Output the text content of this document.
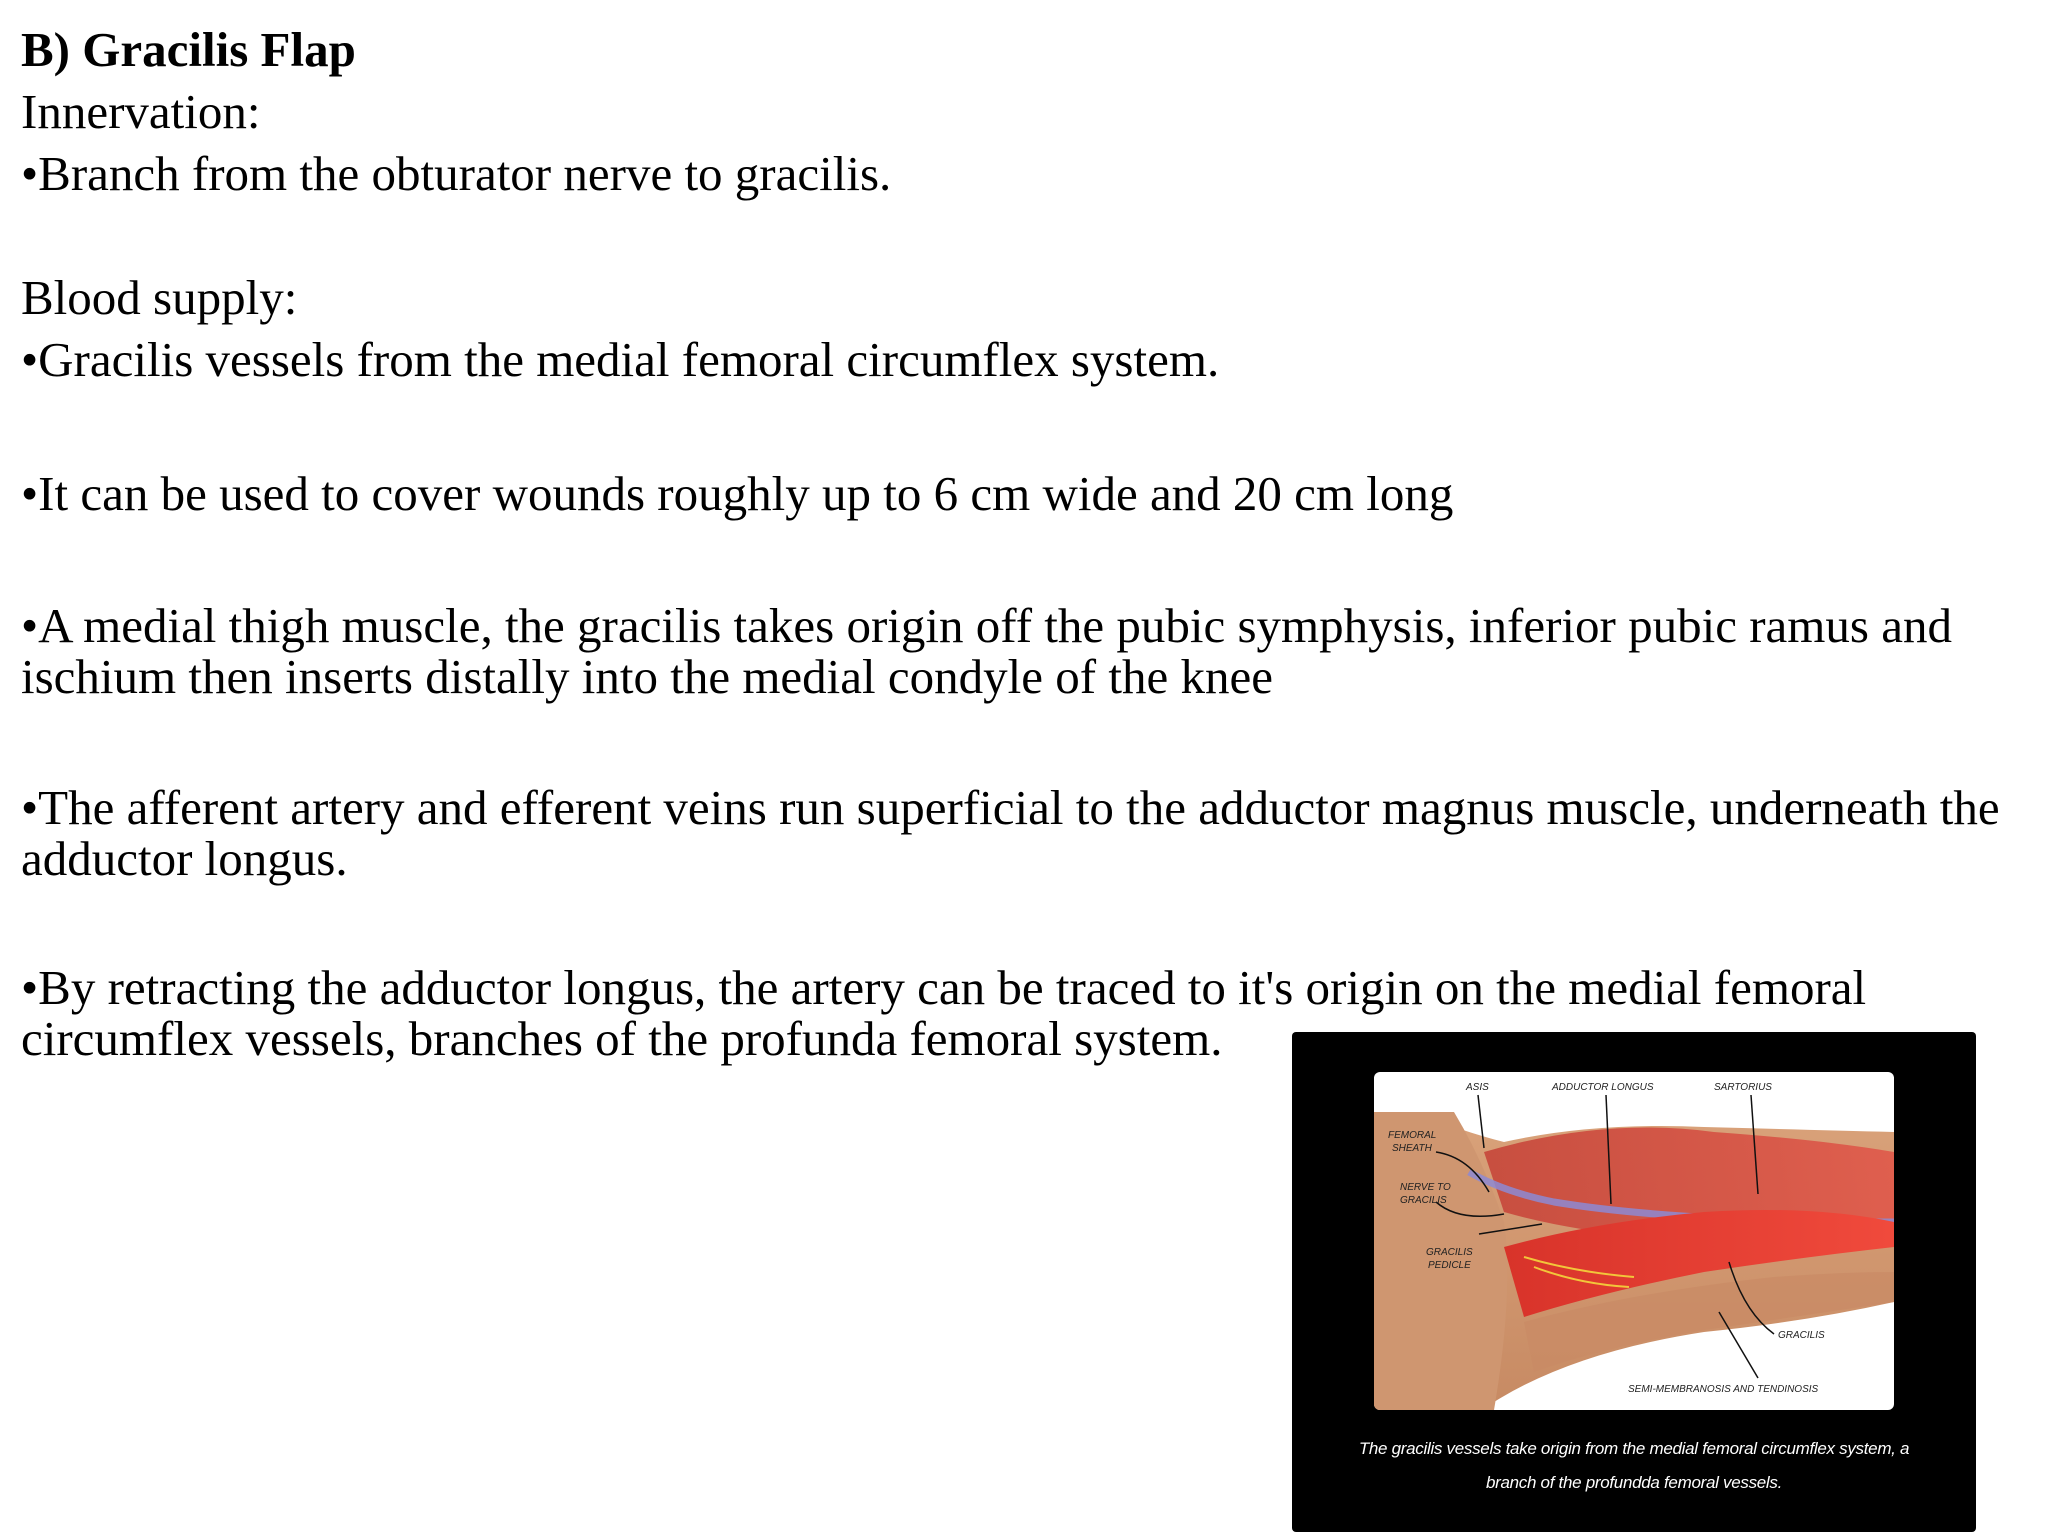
B) Gracilis Flap

Innervation:

•Branch from the obturator nerve to gracilis.

Blood supply:

•Gracilis vessels from the medial femoral circumflex system.

•It can be used to cover wounds roughly up to 6 cm wide and 20 cm long

•A medial thigh muscle, the gracilis takes origin off the pubic symphysis, inferior pubic ramus and ischium then inserts distally into the medial condyle of the knee

•The afferent artery and efferent veins run superficial to the adductor magnus muscle, underneath the adductor longus.

•By retracting the adductor longus, the artery can be traced to it's origin on the medial femoral circumflex vessels, branches of the profunda femoral system.

ASIS	ADDUCTOR LONGUS	SARTORIUS
FEMORAL
SHEATH
NERVE TO
GRACILIS
GRACILIS
PEDICLE
GRACILIS
SEMI-MEMBRANOSIS AND TENDINOSIS
The gracilis vessels take origin from the medial femoral circumflex system, a
branch of the profundda femoral vessels.
